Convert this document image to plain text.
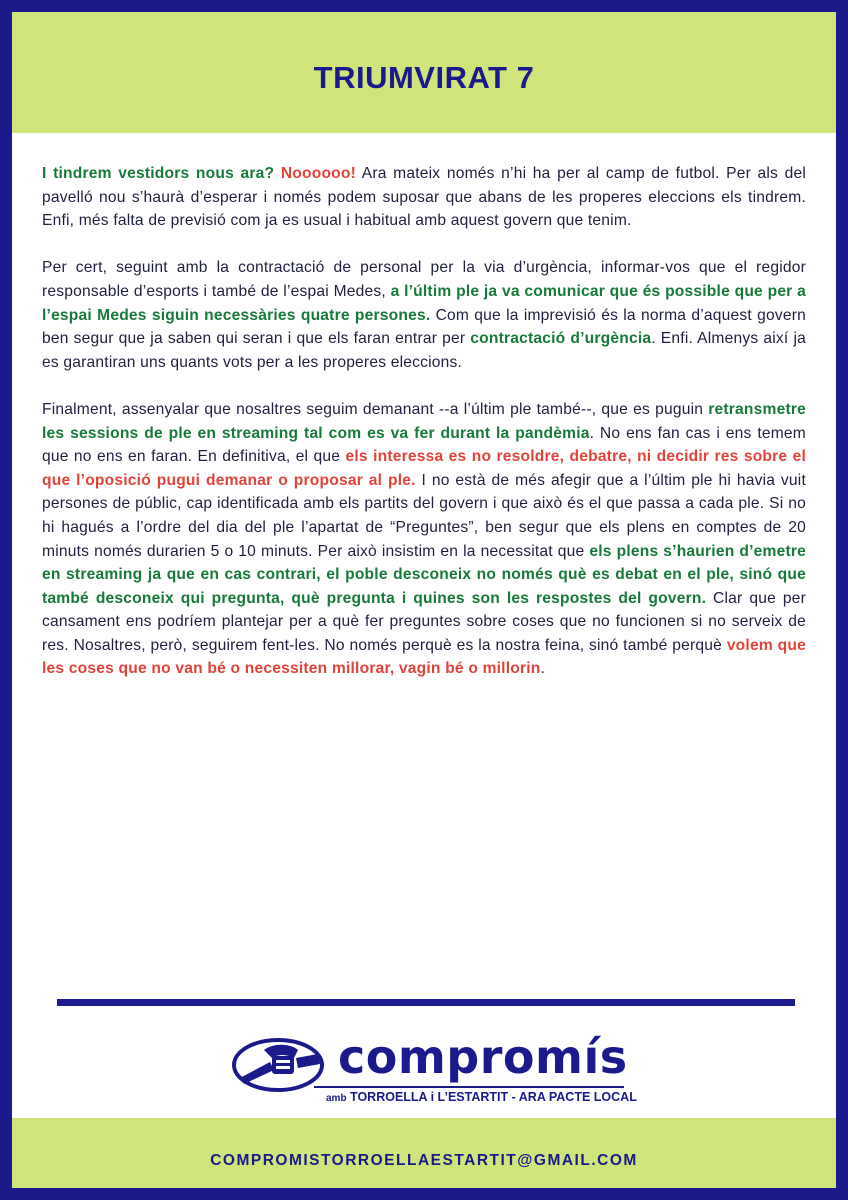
TRIUMVIRAT 7

I tindrem vestidors nous ara? Noooooo! Ara mateix només n’hi ha per al camp de futbol. Per als del pavelló nou s’haurà d’esperar i només podem suposar que abans de les properes eleccions els tindrem. Enfi, més falta de previsió com ja es usual i habitual amb aquest govern que tenim.

Per cert, seguint amb la contractació de personal per la via d’urgència, informar-vos que el regidor responsable d’esports i també de l’espai Medes, a l’últim ple ja va comunicar que és possible que per a l’espai Medes siguin necessàries quatre persones. Com que la imprevisió és la norma d’aquest govern ben segur que ja saben qui seran i que els faran entrar per contractació d’urgència. Enfi. Almenys així ja es garantiran uns quants vots per a les properes eleccions.

Finalment, assenyalar que nosaltres seguim demanant --a l’últim ple també--, que es puguin retransmetre les sessions de ple en streaming tal com es va fer durant la pandèmia. No ens fan cas i ens temem que no ens en faran. En definitiva, el que els interessa es no resoldre, debatre, ni decidir res sobre el que l’oposició pugui demanar o proposar al ple. I no està de més afegir que a l’últim ple hi havia vuit persones de públic, cap identificada amb els partits del govern i que això és el que passa a cada ple. Si no hi hagués a l’ordre del dia del ple l’apartat de “Preguntes”, ben segur que els plens en comptes de 20 minuts només durarien 5 o 10 minuts. Per això insistim en la necessitat que els plens s’haurien d’emetre en streaming ja que en cas contrari, el poble desconeix no només què es debat en el ple, sinó que també desconeix qui pregunta, què pregunta i quines son les respostes del govern. Clar que per cansament ens podríem plantejar per a què fer preguntes sobre coses que no funcionen si no serveix de res. Nosaltres, però, seguirem fent-les. No només perquè es la nostra feina, sinó també perquè volem que les coses que no van bé o necessiten millorar, vagin bé o millorin.

compromís
amb TORROELLA i L’ESTARTIT - ARA PACTE LOCAL
COMPROMISTORROELLAESTARTIT@GMAIL.COM
